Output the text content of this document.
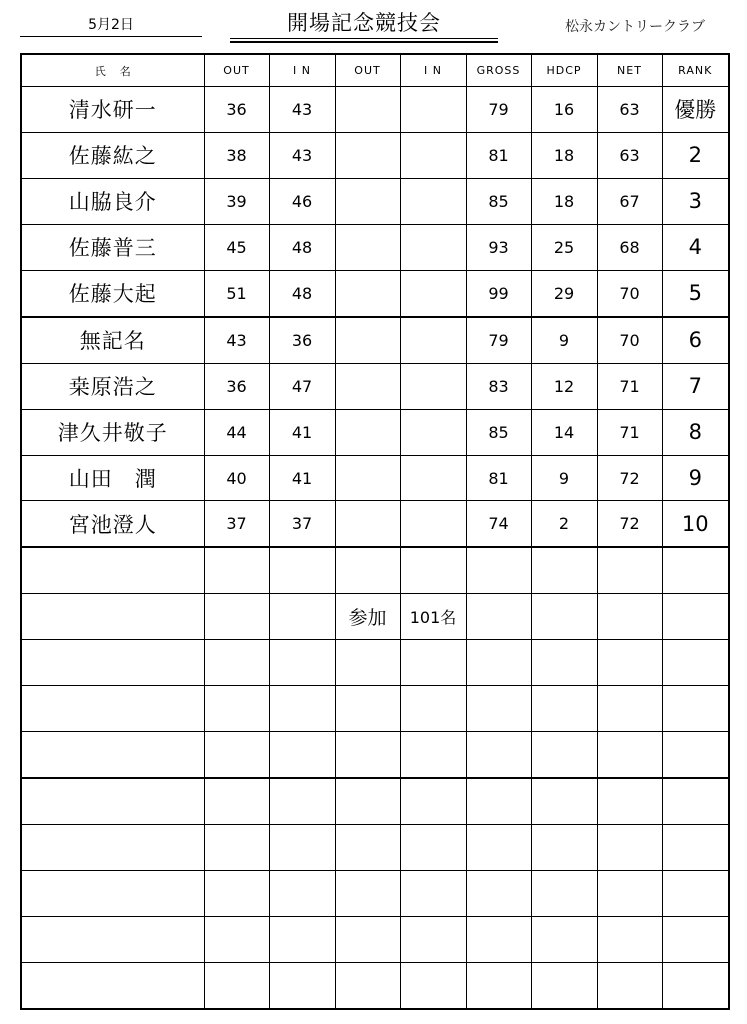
5月2日	開場記念競技会	松永カントリークラブ
氏名	OUT	I N	OUT	I N	GROSS	HDCP	NET	RANK
清水研一	36	43			79	16	63	優勝
佐藤紘之	38	43			81	18	63	2
山脇良介	39	46			85	18	67	3
佐藤普三	45	48			93	25	68	4
佐藤大起	51	48			99	29	70	5
無記名	43	36			79	9	70	6
桒原浩之	36	47			83	12	71	7
津久井敬子	44	41			85	14	71	8
山田　潤	40	41			81	9	72	9
宮池澄人	37	37			74	2	72	10

			参加	101名				
